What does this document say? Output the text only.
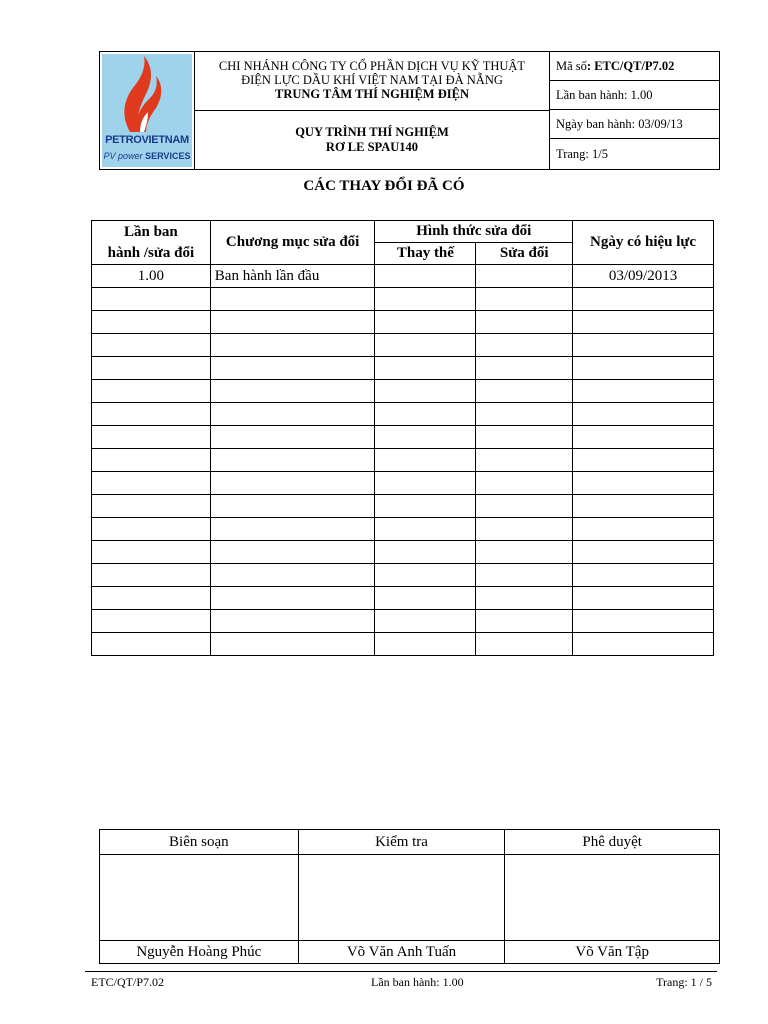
PETROVIETNAM
PV power SERVICES
CHI NHÁNH CÔNG TY CỔ PHẦN DỊCH VỤ KỸ THUẬT
ĐIỆN LỰC DẦU KHÍ VIỆT NAM TẠI ĐÀ NẴNG
TRUNG TÂM THÍ NGHIỆM ĐIỆN
QUY TRÌNH THÍ NGHIỆM
RƠ LE SPAU140
Mã số: ETC/QT/P7.02
Lần ban hành: 1.00
Ngày ban hành: 03/09/13
Trang: 1/5
CÁC THAY ĐỔI ĐÃ CÓ
Lần ban
hành /sửa đổi	Chương mục sửa đổi	Hình thức sửa đổi		Ngày có hiệu lực
		Thay thế	Sửa đổi	
1.00	Ban hành lần đầu			03/09/2013

Biên soạn	Kiểm tra	Phê duyệt

Nguyễn Hoàng Phúc	Võ Văn Anh Tuấn	Võ Văn Tập
ETC/QT/P7.02	Lần ban hành: 1.00	Trang: 1 / 5
